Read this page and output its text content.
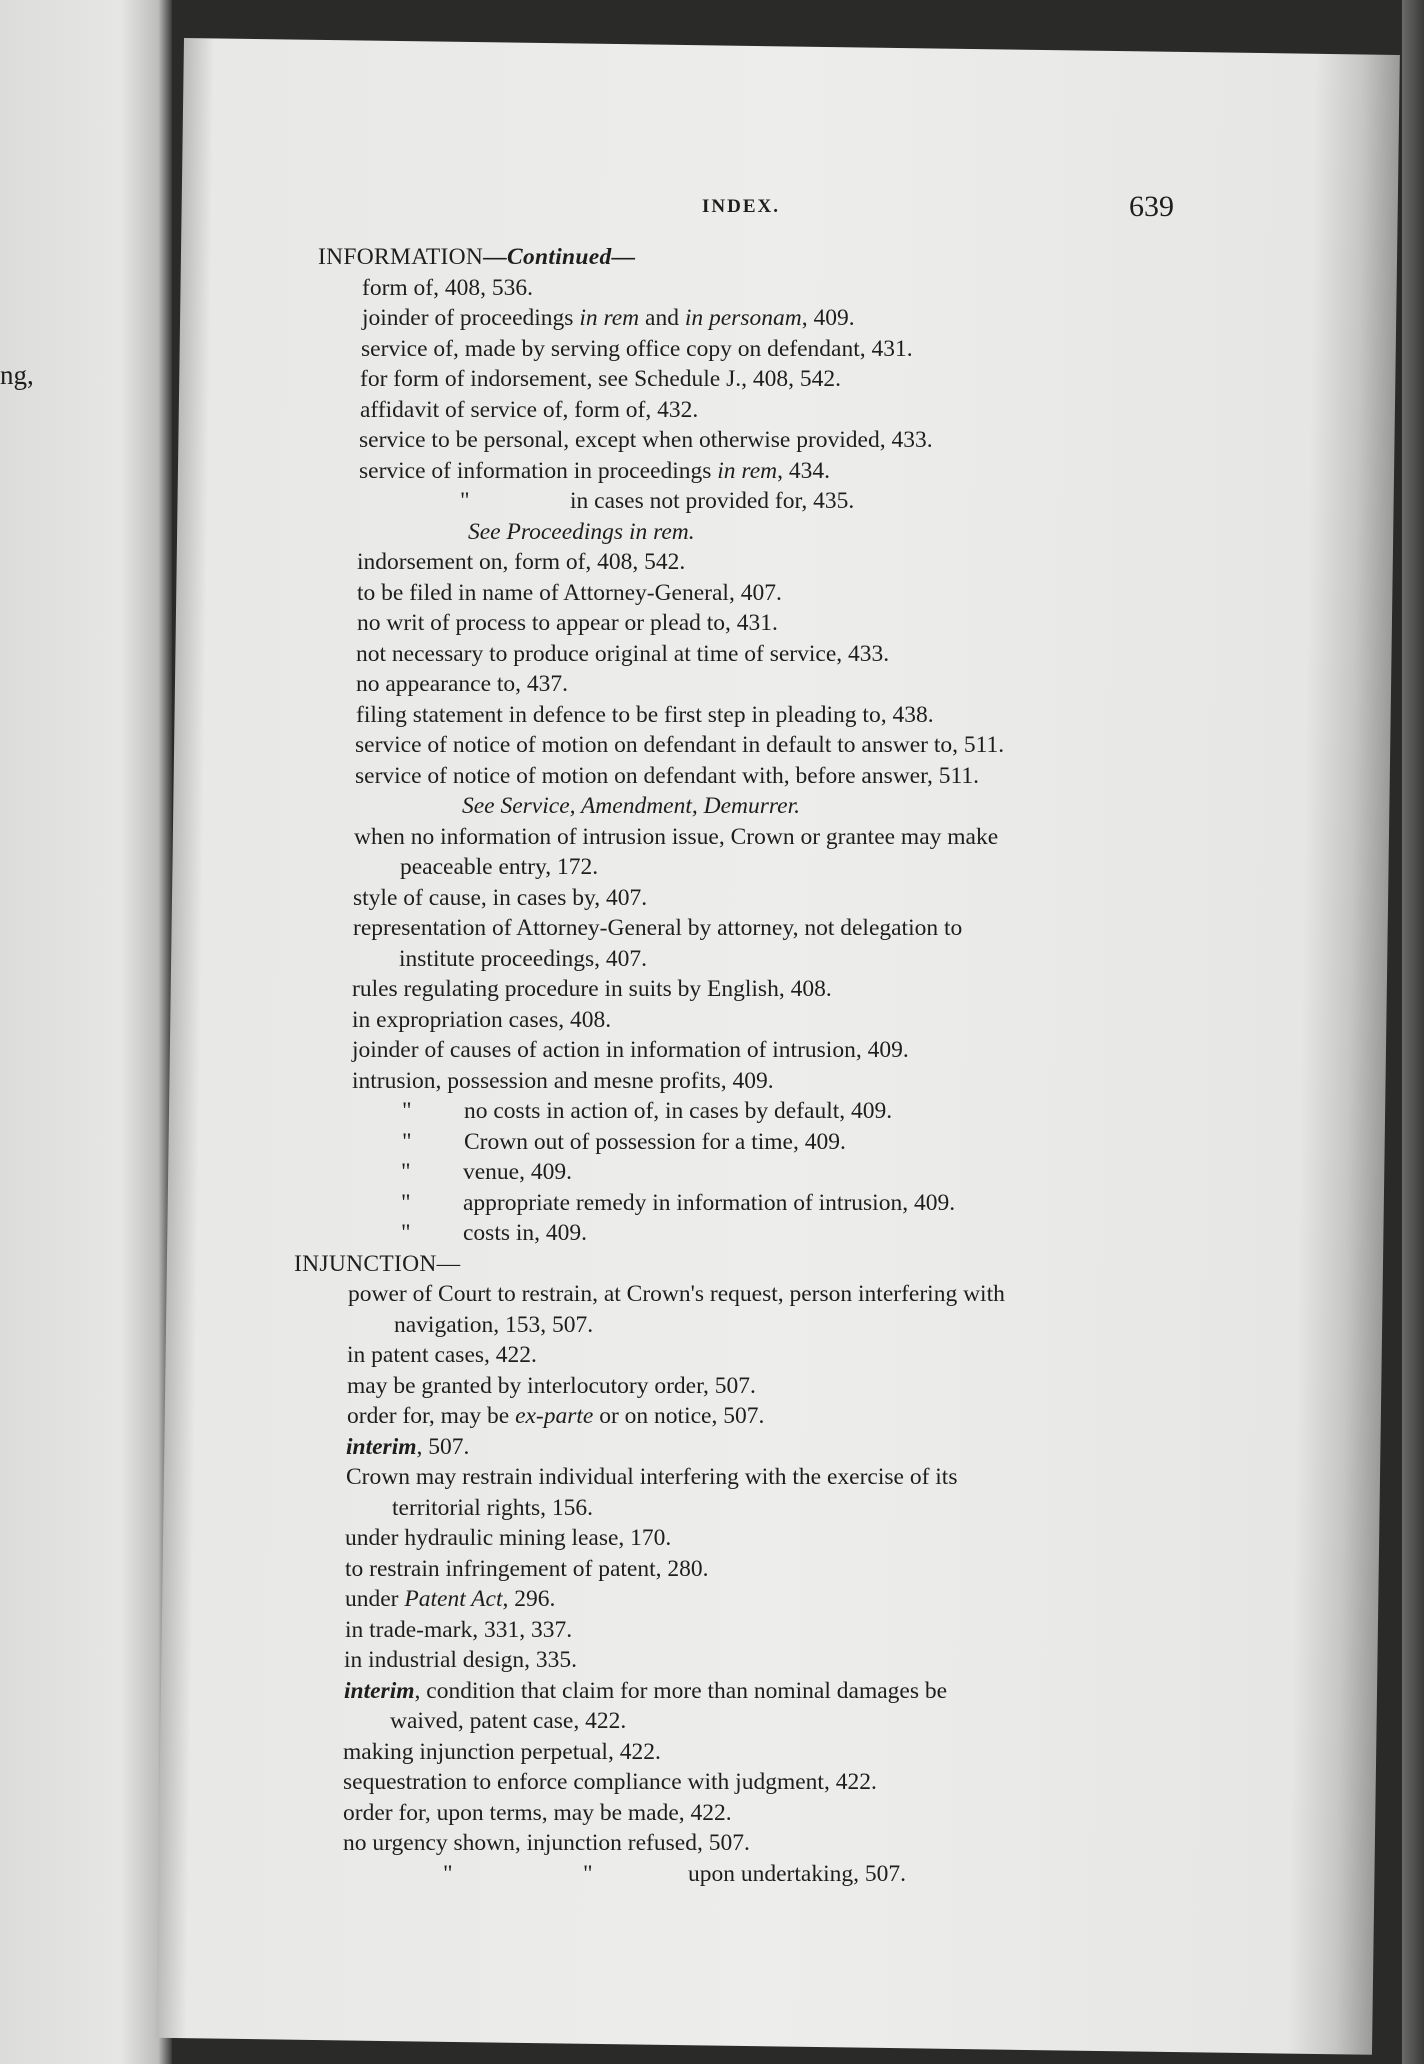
ng,
INDEX.	639
INFORMATION—Continued—
form of, 408, 536.
joinder of proceedings in rem and in personam, 409.
service of, made by serving office copy on defendant, 431.
for form of indorsement, see Schedule J., 408, 542.
affidavit of service of, form of, 432.
service to be personal, except when otherwise provided, 433.
service of information in proceedings in rem, 434.
"	in cases not provided for, 435.
See Proceedings in rem.
indorsement on, form of, 408, 542.
to be filed in name of Attorney-General, 407.
no writ of process to appear or plead to, 431.
not necessary to produce original at time of service, 433.
no appearance to, 437.
filing statement in defence to be first step in pleading to, 438.
service of notice of motion on defendant in default to answer to, 511.
service of notice of motion on defendant with, before answer, 511.
See Service, Amendment, Demurrer.
when no information of intrusion issue, Crown or grantee may make
peaceable entry, 172.
style of cause, in cases by, 407.
representation of Attorney-General by attorney, not delegation to
institute proceedings, 407.
rules regulating procedure in suits by English, 408.
in expropriation cases, 408.
joinder of causes of action in information of intrusion, 409.
intrusion, possession and mesne profits, 409.
" no costs in action of, in cases by default, 409.
" Crown out of possession for a time, 409.
" venue, 409.
" appropriate remedy in information of intrusion, 409.
" costs in, 409.
INJUNCTION—
power of Court to restrain, at Crown's request, person interfering with
navigation, 153, 507.
in patent cases, 422.
may be granted by interlocutory order, 507.
order for, may be ex-parte or on notice, 507.
interim, 507.
Crown may restrain individual interfering with the exercise of its
territorial rights, 156.
under hydraulic mining lease, 170.
to restrain infringement of patent, 280.
under Patent Act, 296.
in trade-mark, 331, 337.
in industrial design, 335.
interim, condition that claim for more than nominal damages be
waived, patent case, 422.
making injunction perpetual, 422.
sequestration to enforce compliance with judgment, 422.
order for, upon terms, may be made, 422.
no urgency shown, injunction refused, 507.
"	"	upon undertaking, 507.
